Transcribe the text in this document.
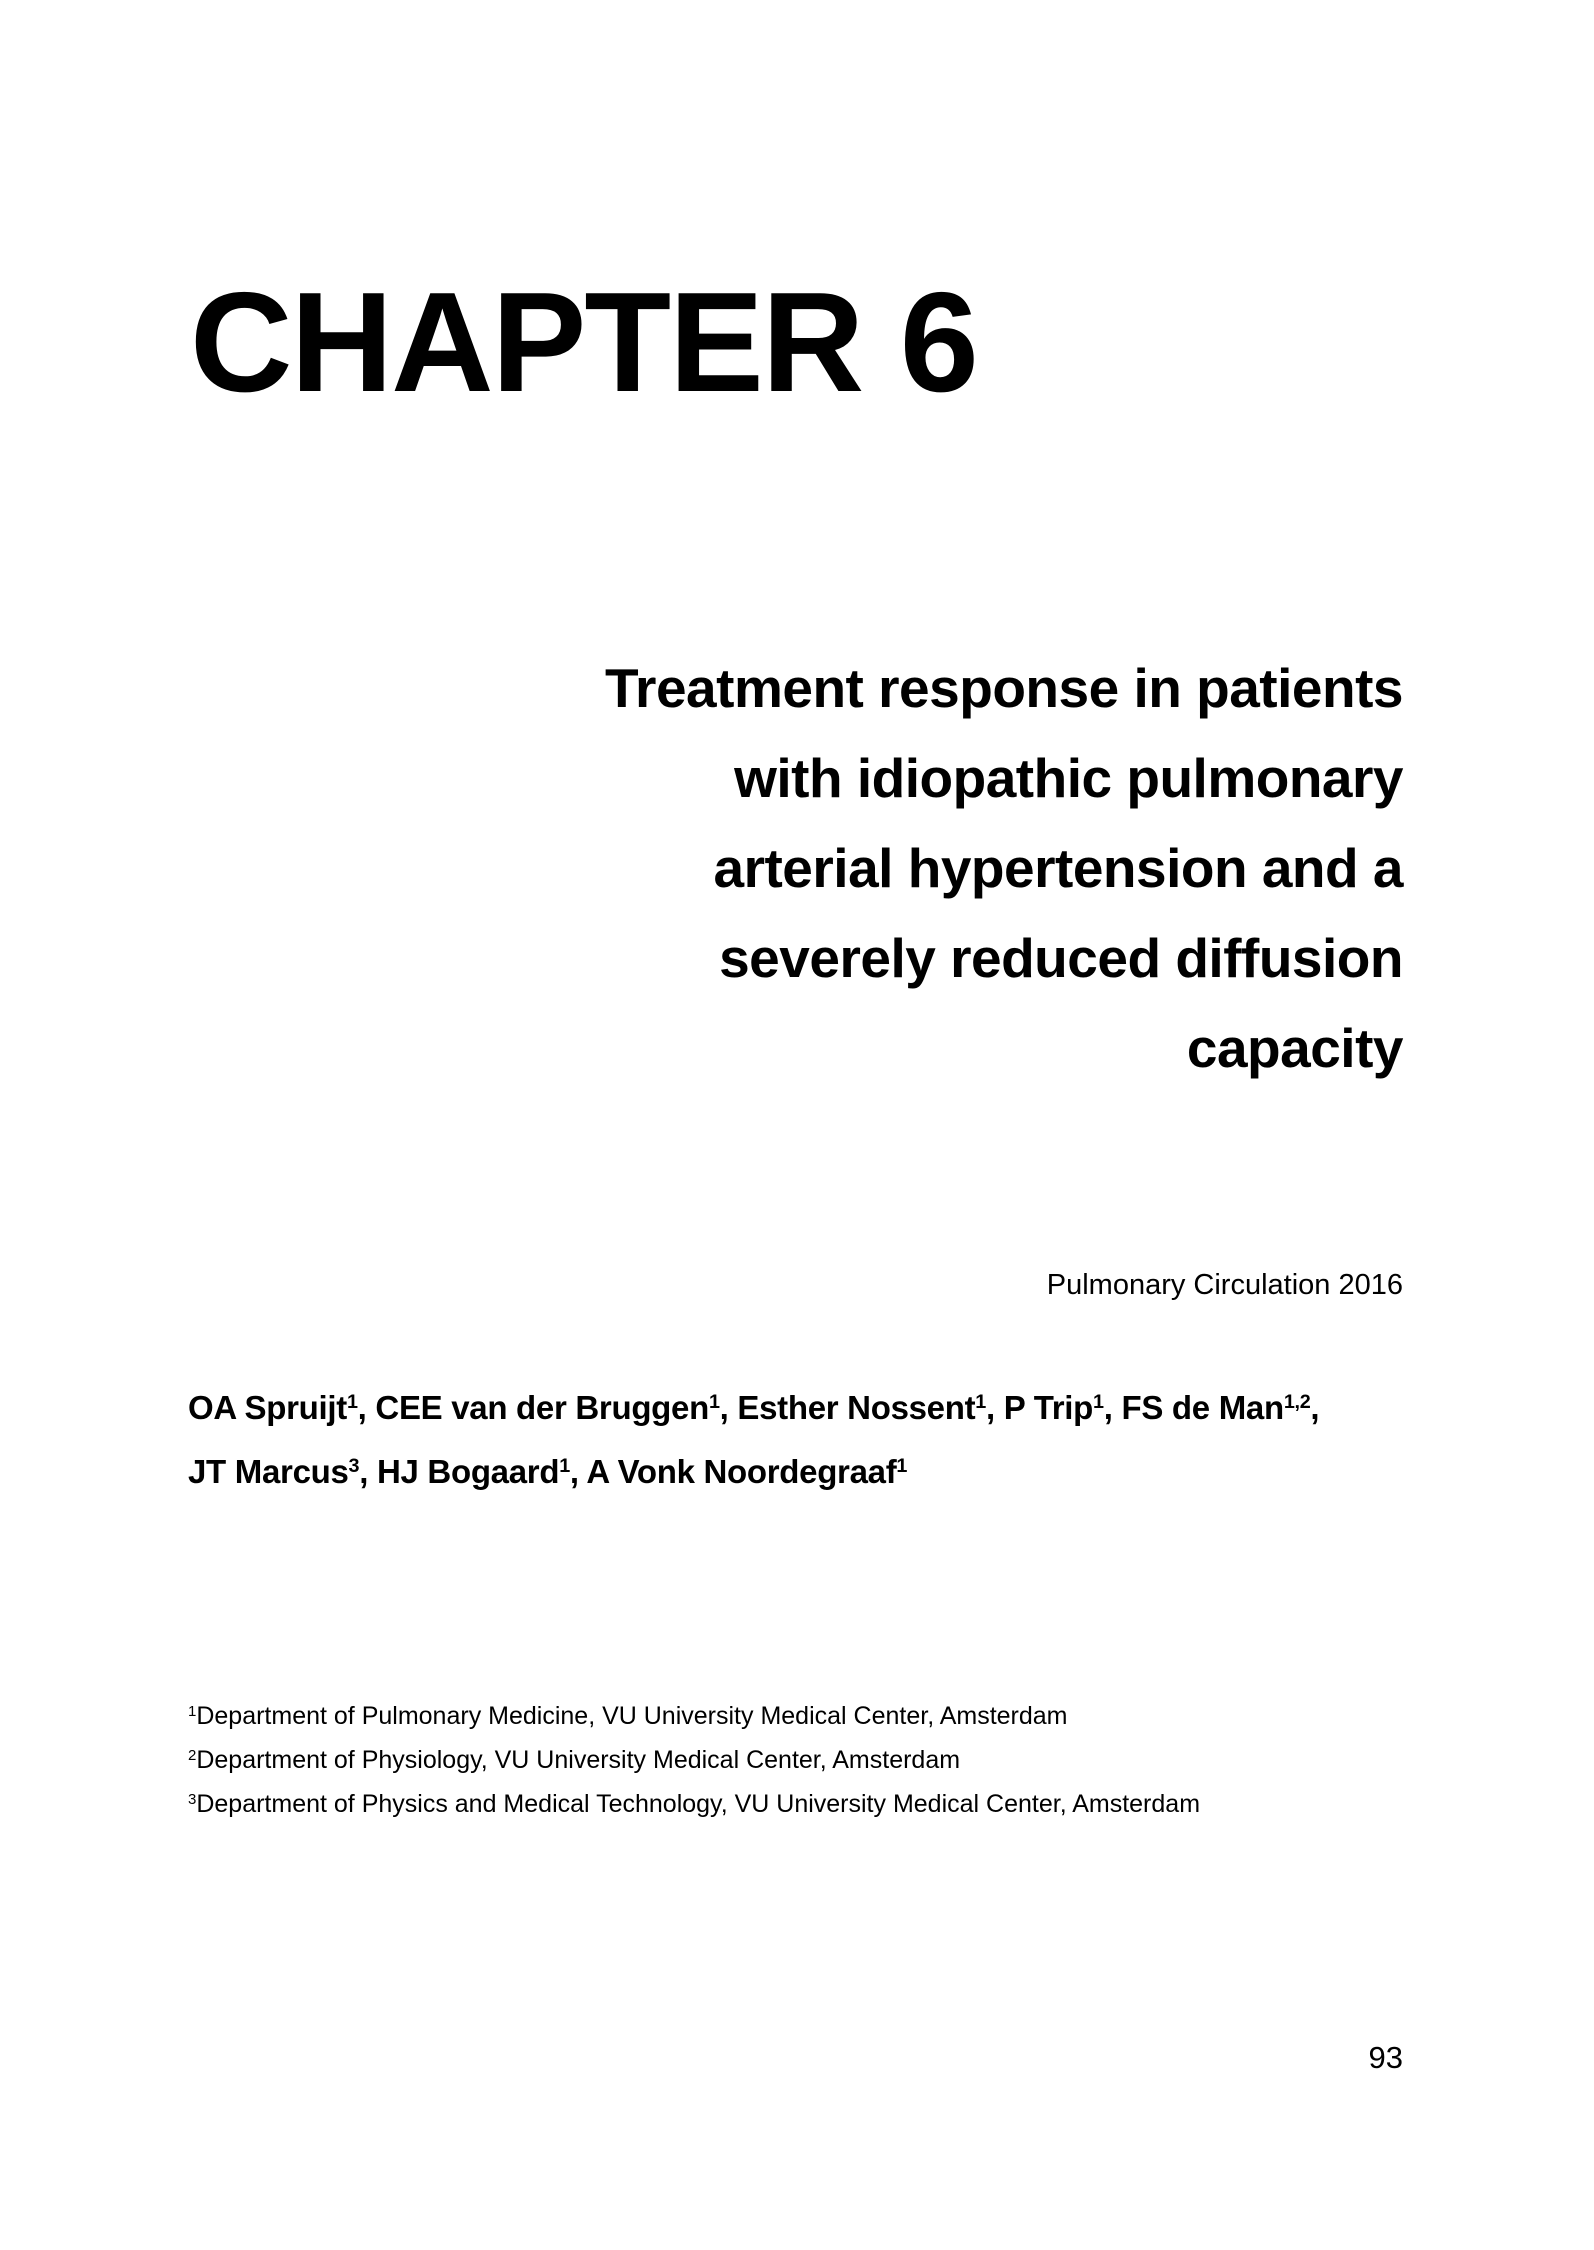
CHAPTER 6
Treatment response in patients
with idiopathic pulmonary
arterial hypertension and a
severely reduced diffusion
capacity
Pulmonary Circulation 2016
OA Spruijt$^1$, CEE van der Bruggen$^1$, Esther Nossent$^1$, P Trip$^1$, FS de Man$^{1,2}$,
JT Marcus$^3$, HJ Bogaard$^1$, A Vonk Noordegraaf$^1$
$^1$Department of Pulmonary Medicine, VU University Medical Center, Amsterdam
$^2$Department of Physiology, VU University Medical Center, Amsterdam
$^3$Department of Physics and Medical Technology, VU University Medical Center, Amsterdam
93
